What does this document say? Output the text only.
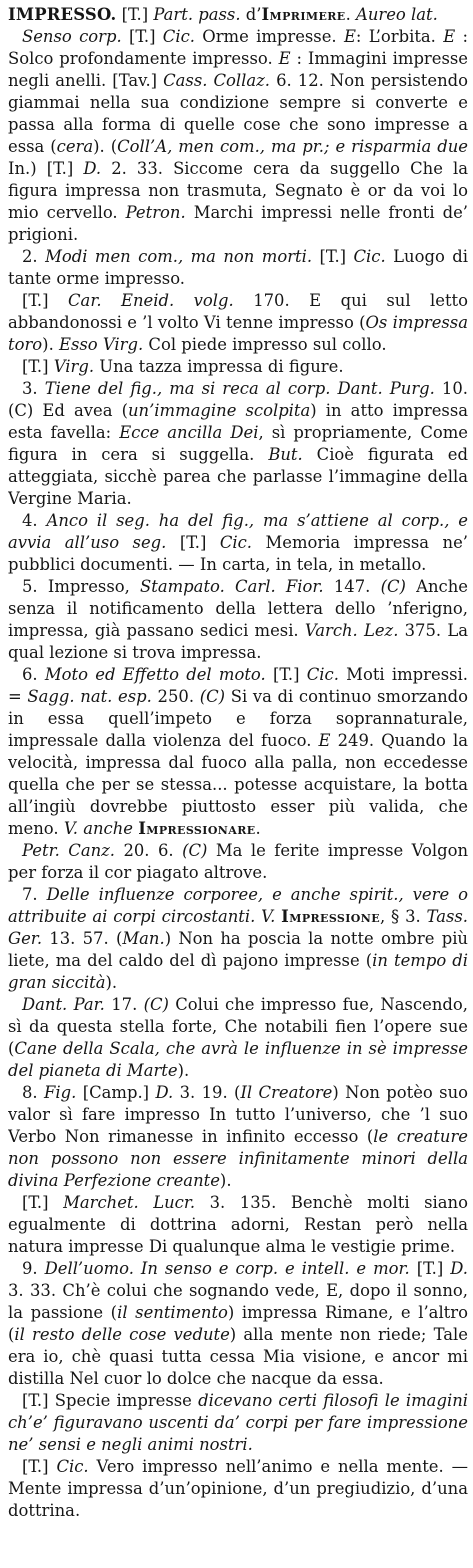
IMPRESSO. [T.] Part. pass. d’Imprimere. Aureo lat.

Senso corp. [T.] Cic. Orme impresse. E: L’orbita. E : Solco profondamente impresso. E : Immagini impresse negli anelli. [Tav.] Cass. Collaz. 6. 12. Non persistendo giammai nella sua condizione sempre si converte e passa alla forma di quelle cose che sono impresse a essa (cera). (Coll’A, men com., ma pr.; e risparmia due In.) [T.] D. 2. 33. Siccome cera da suggello Che la figura impressa non trasmuta, Segnato è or da voi lo mio cervello. Petron. Marchi impressi nelle fronti de’ prigioni.

2. Modi men com., ma non morti. [T.] Cic. Luogo di tante orme impresso.

[T.] Car. Eneid. volg. 170. E qui sul letto abbandonossi e ’l volto Vi tenne impresso (Os impressa toro). Esso Virg. Col piede impresso sul collo.

[T.] Virg. Una tazza impressa di figure.

3. Tiene del fig., ma si reca al corp. Dant. Purg. 10. (C) Ed avea (un’immagine scolpita) in atto impressa esta favella: Ecce ancilla Dei, sì propriamente, Come figura in cera si suggella. But. Cioè figurata ed atteggiata, sicchè parea che parlasse l’immagine della Vergine Maria.

4. Anco il seg. ha del fig., ma s’attiene al corp., e avvia all’uso seg. [T.] Cic. Memoria impressa ne’ pubblici documenti. — In carta, in tela, in metallo.

5. Impresso, Stampato. Carl. Fior. 147. (C) Anche senza il notificamento della lettera dello ’nferigno, impressa, già passano sedici mesi. Varch. Lez. 375. La qual lezione si trova impressa.

6. Moto ed Effetto del moto. [T.] Cic. Moti impressi. = Sagg. nat. esp. 250. (C) Si va di continuo smorzando in essa quell’impeto e forza soprannaturale, impressale dalla violenza del fuoco. E 249. Quando la velocità, impressa dal fuoco alla palla, non eccedesse quella che per se stessa... potesse acquistare, la botta all’ingiù dovrebbe piuttosto esser più valida, che meno. V. anche Impressionare.

Petr. Canz. 20. 6. (C) Ma le ferite impresse Volgon per forza il cor piagato altrove.

7. Delle influenze corporee, e anche spirit., vere o attribuite ai corpi circostanti. V. Impressione, § 3. Tass. Ger. 13. 57. (Man.) Non ha poscia la notte ombre più liete, ma del caldo del dì pajono impresse (in tempo di gran siccità).

Dant. Par. 17. (C) Colui che impresso fue, Nascendo, sì da questa stella forte, Che notabili fien l’opere sue (Cane della Scala, che avrà le influenze in sè impresse del pianeta di Marte).

8. Fig. [Camp.] D. 3. 19. (Il Creatore) Non potèo suo valor sì fare impresso In tutto l’universo, che ’l suo Verbo Non rimanesse in infinito eccesso (le creature non possono non essere infinitamente minori della divina Perfezione creante).

[T.] Marchet. Lucr. 3. 135. Benchè molti siano egualmente di dottrina adorni, Restan però nella natura impresse Di qualunque alma le vestigie prime.

9. Dell’uomo. In senso e corp. e intell. e mor. [T.] D. 3. 33. Ch’è colui che sognando vede, E, dopo il sonno, la passione (il sentimento) impressa Rimane, e l’altro (il resto delle cose vedute) alla mente non riede; Tale era io, chè quasi tutta cessa Mia visione, e ancor mi distilla Nel cuor lo dolce che nacque da essa.

[T.] Specie impresse dicevano certi filosofi le imagini ch’e’ figuravano uscenti da’ corpi per fare impressione ne’ sensi e negli animi nostri.

[T.] Cic. Vero impresso nell’animo e nella mente. — Mente impressa d’un’opinione, d’un pregiudizio, d’una dottrina.
